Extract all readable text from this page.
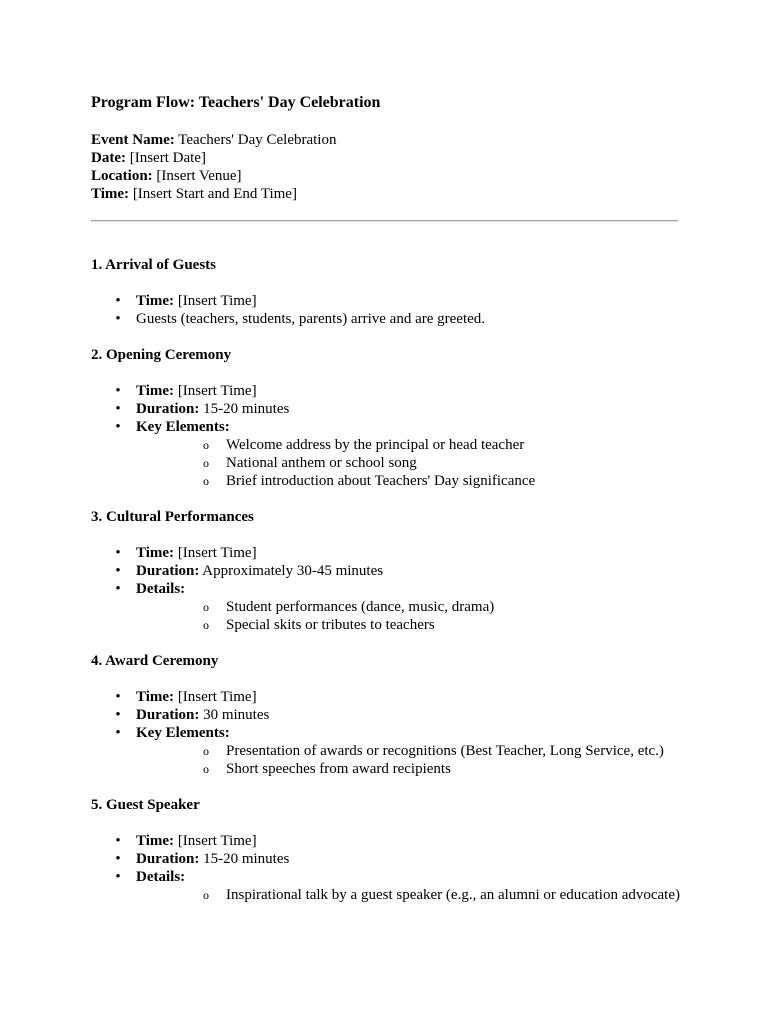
Program Flow: Teachers' Day Celebration
Event Name: Teachers' Day Celebration
Date: [Insert Date]
Location: [Insert Venue]
Time: [Insert Start and End Time]
1. Arrival of Guests
• Time: [Insert Time]
• Guests (teachers, students, parents) arrive and are greeted.
2. Opening Ceremony
• Time: [Insert Time]
• Duration: 15-20 minutes
• Key Elements:
o Welcome address by the principal or head teacher
o National anthem or school song
o Brief introduction about Teachers' Day significance
3. Cultural Performances
• Time: [Insert Time]
• Duration: Approximately 30-45 minutes
• Details:
o Student performances (dance, music, drama)
o Special skits or tributes to teachers
4. Award Ceremony
• Time: [Insert Time]
• Duration: 30 minutes
• Key Elements:
o Presentation of awards or recognitions (Best Teacher, Long Service, etc.)
o Short speeches from award recipients
5. Guest Speaker
• Time: [Insert Time]
• Duration: 15-20 minutes
• Details:
o Inspirational talk by a guest speaker (e.g., an alumni or education advocate)
